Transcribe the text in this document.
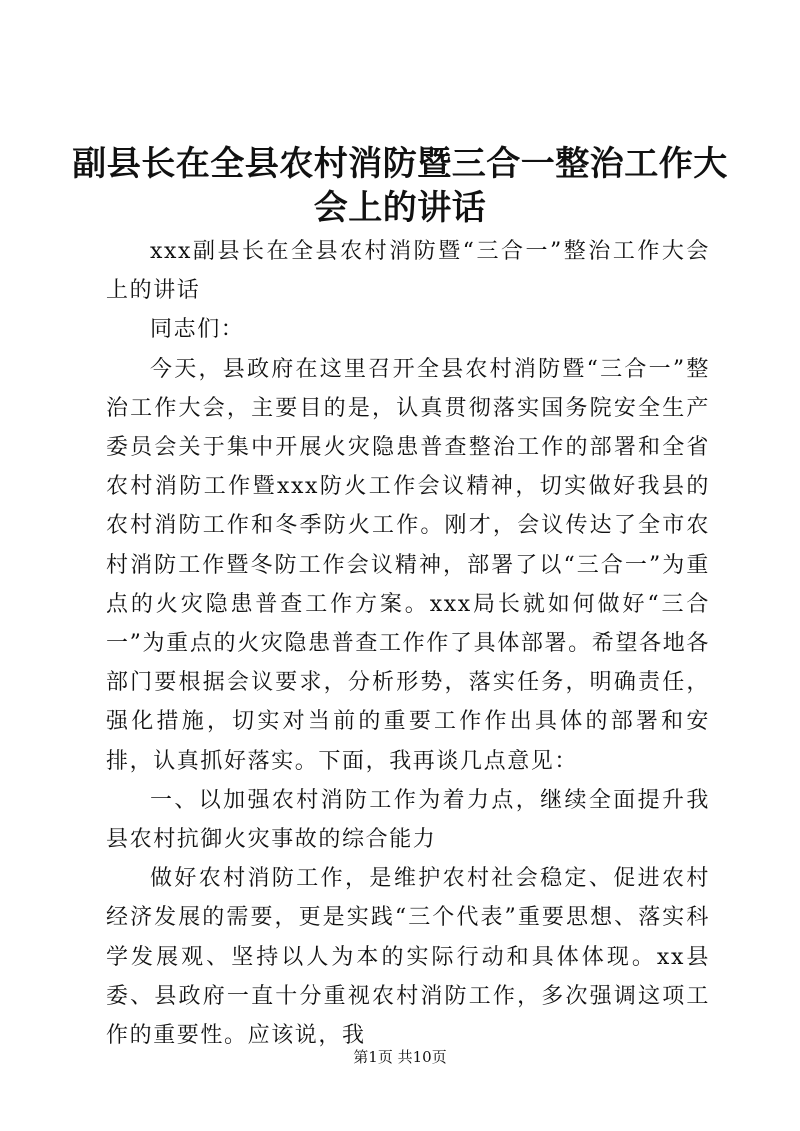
副县长在全县农村消防暨三合一整治工作大会上的讲话

xxx副县长在全县农村消防暨“三合一”整治工作大会上的讲话

同志们：

今天，县政府在这里召开全县农村消防暨“三合一”整治工作大会，主要目的是，认真贯彻落实国务院安全生产委员会关于集中开展火灾隐患普查整治工作的部署和全省农村消防工作暨xxx防火工作会议精神，切实做好我县的农村消防工作和冬季防火工作。刚才，会议传达了全市农村消防工作暨冬防工作会议精神，部署了以“三合一”为重点的火灾隐患普查工作方案。xxx局长就如何做好“三合一”为重点的火灾隐患普查工作作了具体部署。希望各地各部门要根据会议要求，分析形势，落实任务，明确责任，强化措施，切实对当前的重要工作作出具体的部署和安排，认真抓好落实。下面，我再谈几点意见：

一、以加强农村消防工作为着力点，继续全面提升我县农村抗御火灾事故的综合能力

做好农村消防工作，是维护农村社会稳定、促进农村经济发展的需要，更是实践“三个代表”重要思想、落实科学发展观、坚持以人为本的实际行动和具体体现。xx县委、县政府一直十分重视农村消防工作，多次强调这项工作的重要性。应该说，我

第1页 共10页
